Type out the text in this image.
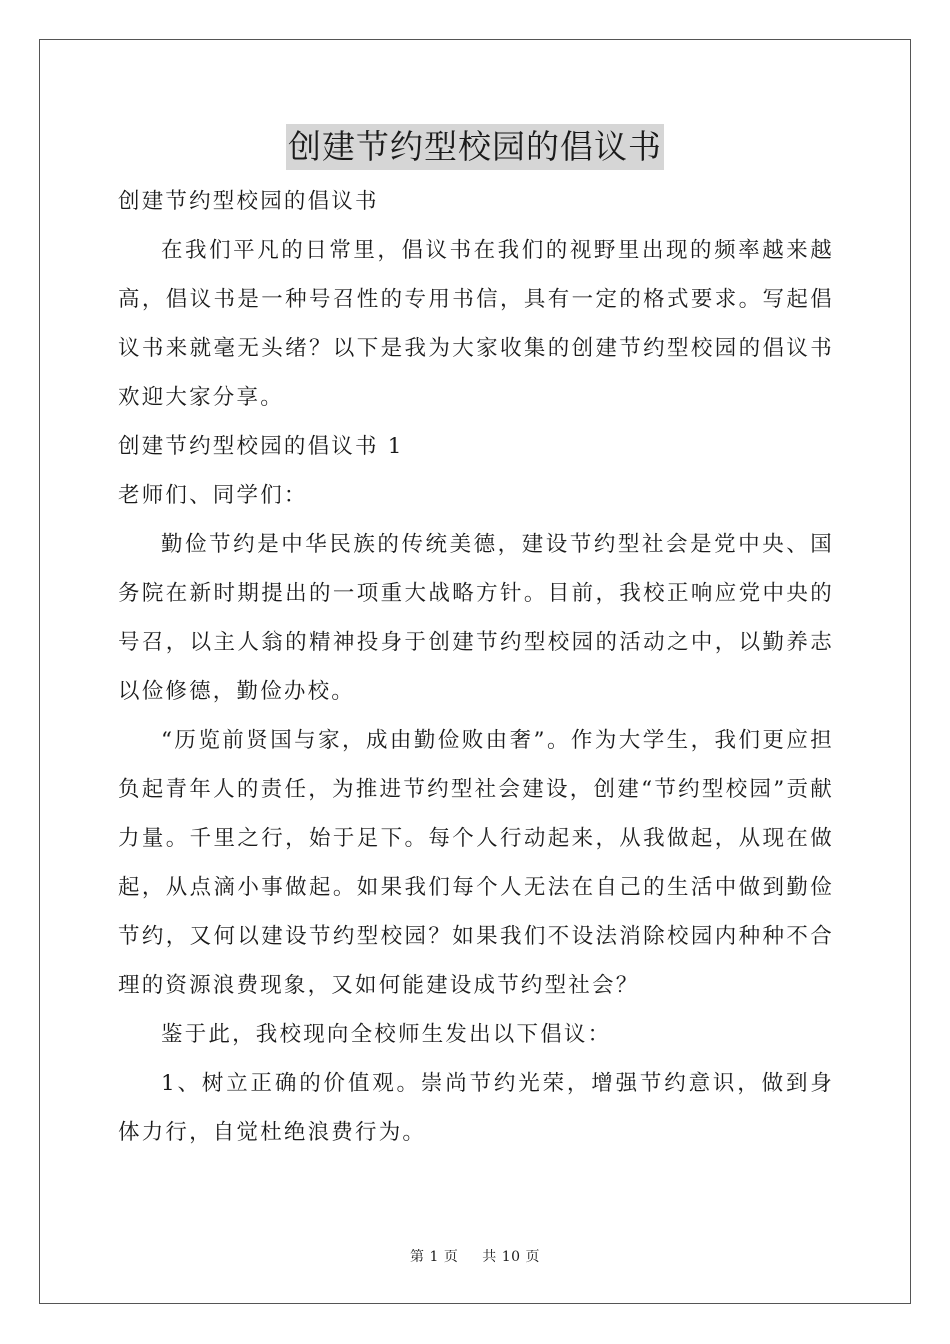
创建节约型校园的倡议书

创建节约型校园的倡议书

在我们平凡的日常里，倡议书在我们的视野里出现的频率越来越高，倡议书是一种号召性的专用书信，具有一定的格式要求。写起倡议书来就毫无头绪？以下是我为大家收集的创建节约型校园的倡议书欢迎大家分享。

创建节约型校园的倡议书 1

老师们、同学们：

勤俭节约是中华民族的传统美德，建设节约型社会是党中央、国务院在新时期提出的一项重大战略方针。目前，我校正响应党中央的号召，以主人翁的精神投身于创建节约型校园的活动之中，以勤养志以俭修德，勤俭办校。

“历览前贤国与家，成由勤俭败由奢”。作为大学生，我们更应担负起青年人的责任，为推进节约型社会建设，创建“节约型校园”贡献力量。千里之行，始于足下。每个人行动起来，从我做起，从现在做起，从点滴小事做起。如果我们每个人无法在自己的生活中做到勤俭节约，又何以建设节约型校园？如果我们不设法消除校园内种种不合理的资源浪费现象，又如何能建设成节约型社会？

鉴于此，我校现向全校师生发出以下倡议：

1、树立正确的价值观。崇尚节约光荣，增强节约意识，做到身体力行，自觉杜绝浪费行为。

第 1 页 共 10 页
